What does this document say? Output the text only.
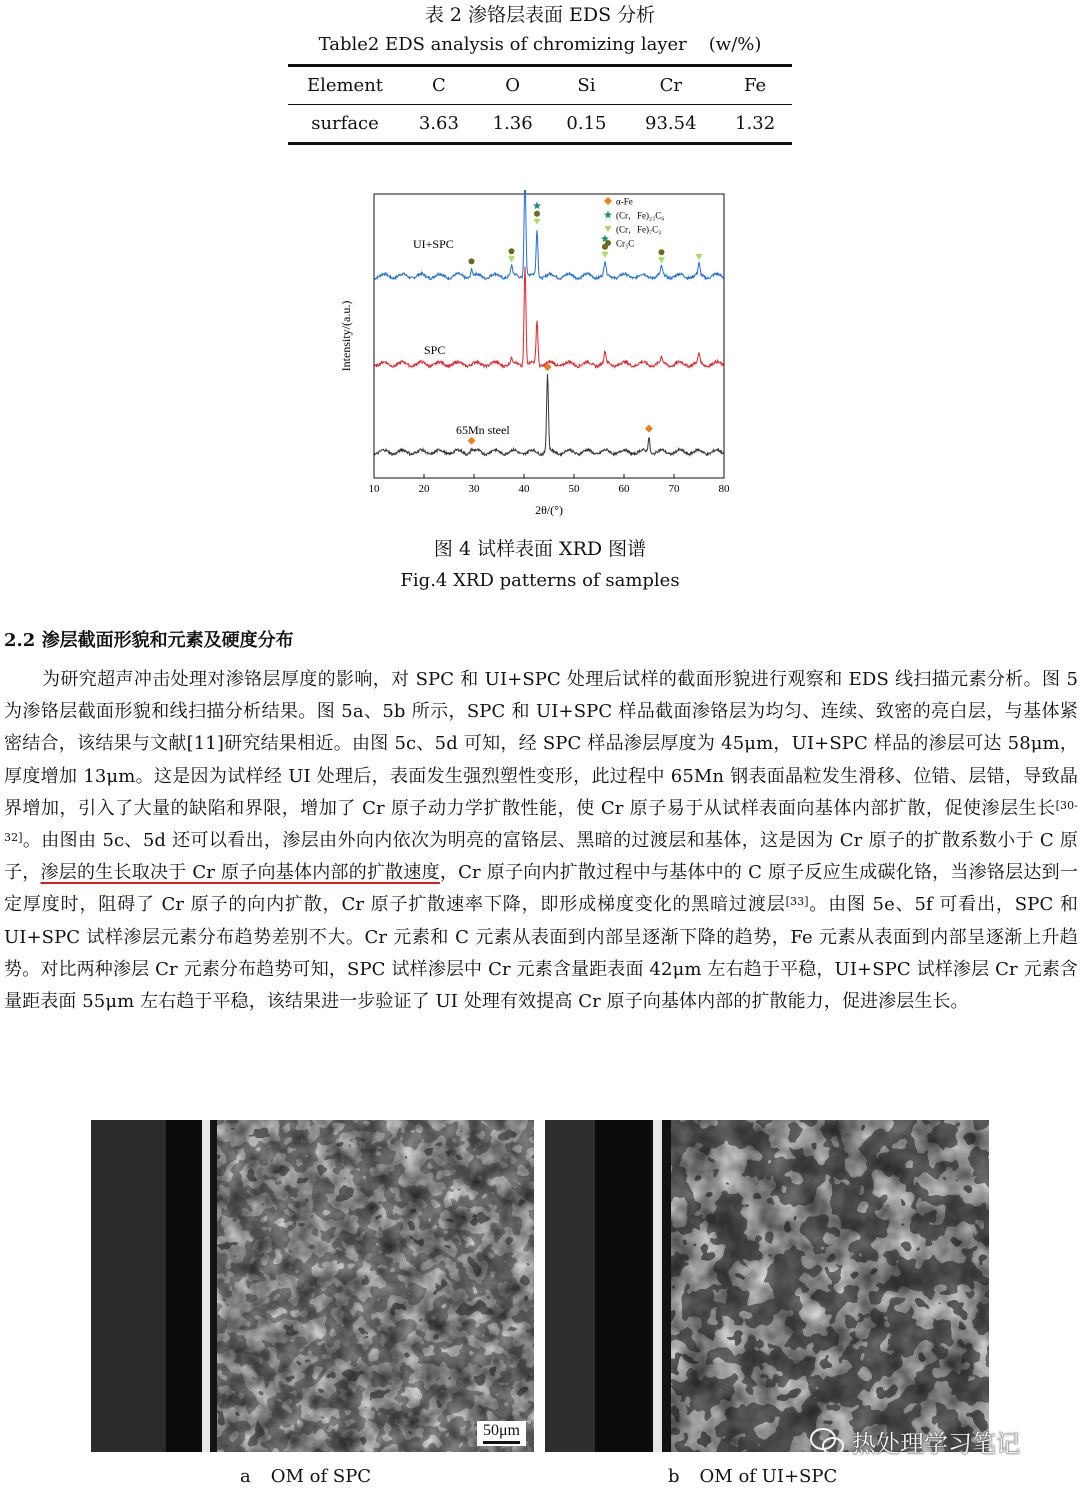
表 2 渗铬层表面 EDS 分析
Table2 EDS analysis of chromizing layer (w/%)
Element	C	O	Si	Cr	Fe
surface	3.63	1.36	0.15	93.54	1.32
10	20	30	40	50	60	70	80
2θ/(°)
Intensity/(a.u.)
UI+SPC
SPC
65Mn steel
α-Fe
(Cr，Fe)₂₃C₆
(Cr，Fe)₇C₃
Cr₃C
图 4 试样表面 XRD 图谱
Fig.4 XRD patterns of samples
2.2 渗层截面形貌和元素及硬度分布
为研究超声冲击处理对渗铬层厚度的影响，对 SPC 和 UI+SPC 处理后试样的截面形貌进行观察和 EDS 线扫描元素分析。图 5 为渗铬层截面形貌和线扫描分析结果。图 5a、5b 所示，SPC 和 UI+SPC 样品截面渗铬层为均匀、连续、致密的亮白层，与基体紧密结合，该结果与文献[11]研究结果相近。由图 5c、5d 可知，经 SPC 样品渗层厚度为 45μm，UI+SPC 样品的渗层可达 58μm，厚度增加 13μm。这是因为试样经 UI 处理后，表面发生强烈塑性变形，此过程中 65Mn 钢表面晶粒发生滑移、位错、层错，导致晶界增加，引入了大量的缺陷和界限，增加了 Cr 原子动力学扩散性能，使 Cr 原子易于从试样表面向基体内部扩散，促使渗层生长[30-32]。由图由 5c、5d 还可以看出，渗层由外向内依次为明亮的富铬层、黑暗的过渡层和基体，这是因为 Cr 原子的扩散系数小于 C 原子，渗层的生长取决于 Cr 原子向基体内部的扩散速度，Cr 原子向内扩散过程中与基体中的 C 原子反应生成碳化铬，当渗铬层达到一定厚度时，阻碍了 Cr 原子的向内扩散，Cr 原子扩散速率下降，即形成梯度变化的黑暗过渡层[33]。由图 5e、5f 可看出，SPC 和 UI+SPC 试样渗层元素分布趋势差别不大。Cr 元素和 C 元素从表面到内部呈逐渐下降的趋势，Fe 元素从表面到内部呈逐渐上升趋势。对比两种渗层 Cr 元素分布趋势可知，SPC 试样渗层中 Cr 元素含量距表面 42μm 左右趋于平稳，UI+SPC 试样渗层 Cr 元素含量距表面 55μm 左右趋于平稳，该结果进一步验证了 UI 处理有效提高 Cr 原子向基体内部的扩散能力，促进渗层生长。
50μm
a OM of SPC	b OM of UI+SPC
热处理学习笔记
